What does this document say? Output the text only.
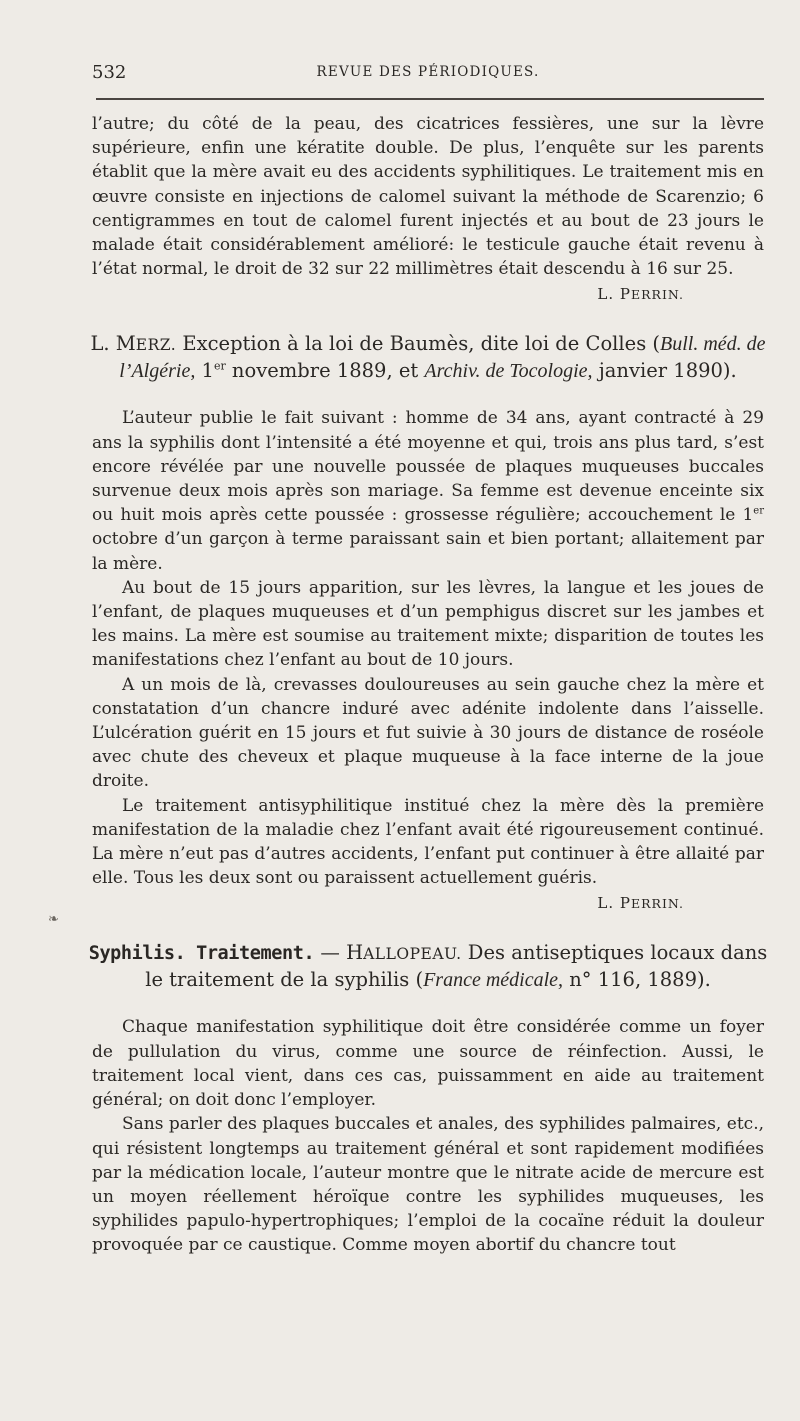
532	REVUE DES PÉRIODIQUES.

l’autre; du côté de la peau, des cicatrices fessières, une sur la lèvre supérieure, enfin une kératite double. De plus, l’enquête sur les parents établit que la mère avait eu des accidents syphilitiques. Le traitement mis en œuvre consiste en injections de calomel suivant la méthode de Scarenzio; 6 centigrammes en tout de calomel furent injectés et au bout de 23 jours le malade était considérablement amélioré: le testicule gauche était revenu à l’état normal, le droit de 32 sur 22 millimètres était descendu à 16 sur 25.

L. PERRIN.
L. MERZ. Exception à la loi de Baumès, dite loi de Colles (Bull. méd. de l’Algérie, 1er novembre 1889, et Archiv. de Tocologie, janvier 1890).

L’auteur publie le fait suivant : homme de 34 ans, ayant contracté à 29 ans la syphilis dont l’intensité a été moyenne et qui, trois ans plus tard, s’est encore révélée par une nouvelle poussée de plaques muqueuses buccales survenue deux mois après son mariage. Sa femme est devenue enceinte six ou huit mois après cette poussée : grossesse régulière; accouchement le 1er octobre d’un garçon à terme paraissant sain et bien portant; allaitement par la mère.

Au bout de 15 jours apparition, sur les lèvres, la langue et les joues de l’enfant, de plaques muqueuses et d’un pemphigus discret sur les jambes et les mains. La mère est soumise au traitement mixte; disparition de toutes les manifestations chez l’enfant au bout de 10 jours.

A un mois de là, crevasses douloureuses au sein gauche chez la mère et constatation d’un chancre induré avec adénite indolente dans l’aisselle. L’ulcération guérit en 15 jours et fut suivie à 30 jours de distance de roséole avec chute des cheveux et plaque muqueuse à la face interne de la joue droite.

Le traitement antisyphilitique institué chez la mère dès la première manifestation de la maladie chez l’enfant avait été rigoureusement continué. La mère n’eut pas d’autres accidents, l’enfant put continuer à être allaité par elle. Tous les deux sont ou paraissent actuellement guéris.

L. PERRIN.
Syphilis. Traitement. — HALLOPEAU. Des antiseptiques locaux dans le traitement de la syphilis (France médicale, n° 116, 1889).

Chaque manifestation syphilitique doit être considérée comme un foyer de pullulation du virus, comme une source de réinfection. Aussi, le traitement local vient, dans ces cas, puissamment en aide au traitement général; on doit donc l’employer.

Sans parler des plaques buccales et anales, des syphilides palmaires, etc., qui résistent longtemps au traitement général et sont rapidement modifiées par la médication locale, l’auteur montre que le nitrate acide de mercure est un moyen réellement héroïque contre les syphilides muqueuses, les syphilides papulo-hypertrophiques; l’emploi de la cocaïne réduit la douleur provoquée par ce caustique. Comme moyen abortif du chancre tout

❧
